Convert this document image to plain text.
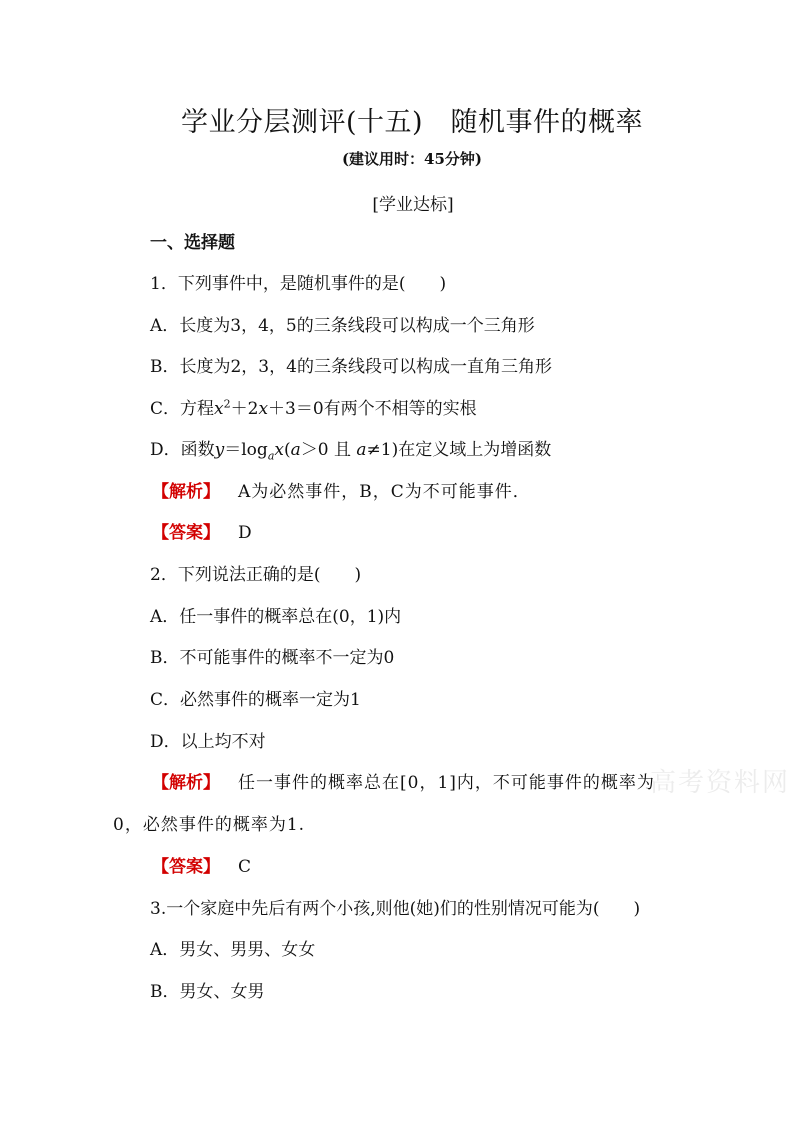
学业分层测评(十五)　随机事件的概率
(建议用时：45分钟)
[学业达标]
一、选择题
1．下列事件中，是随机事件的是(　　)
A．长度为3，4，5的三条线段可以构成一个三角形
B．长度为2，3，4的三条线段可以构成一直角三角形
C．方程$x^2+2x+3=0$有两个不相等的实根
D．函数$y=\log_ax(a>0$ 且 a≠1)在定义域上为增函数
【解析】 A为必然事件，B，C为不可能事件．
【答案】 D
2．下列说法正确的是(　　)
A．任一事件的概率总在(0，1)内
B．不可能事件的概率不一定为0
C．必然事件的概率一定为1
D．以上均不对
【解析】 任一事件的概率总在[0，1]内，不可能事件的概率为
0，必然事件的概率为1.
【答案】 C
3.一个家庭中先后有两个小孩,则他(她)们的性别情况可能为(　　)
A．男女、男男、女女
B．男女、女男
高考资料网
